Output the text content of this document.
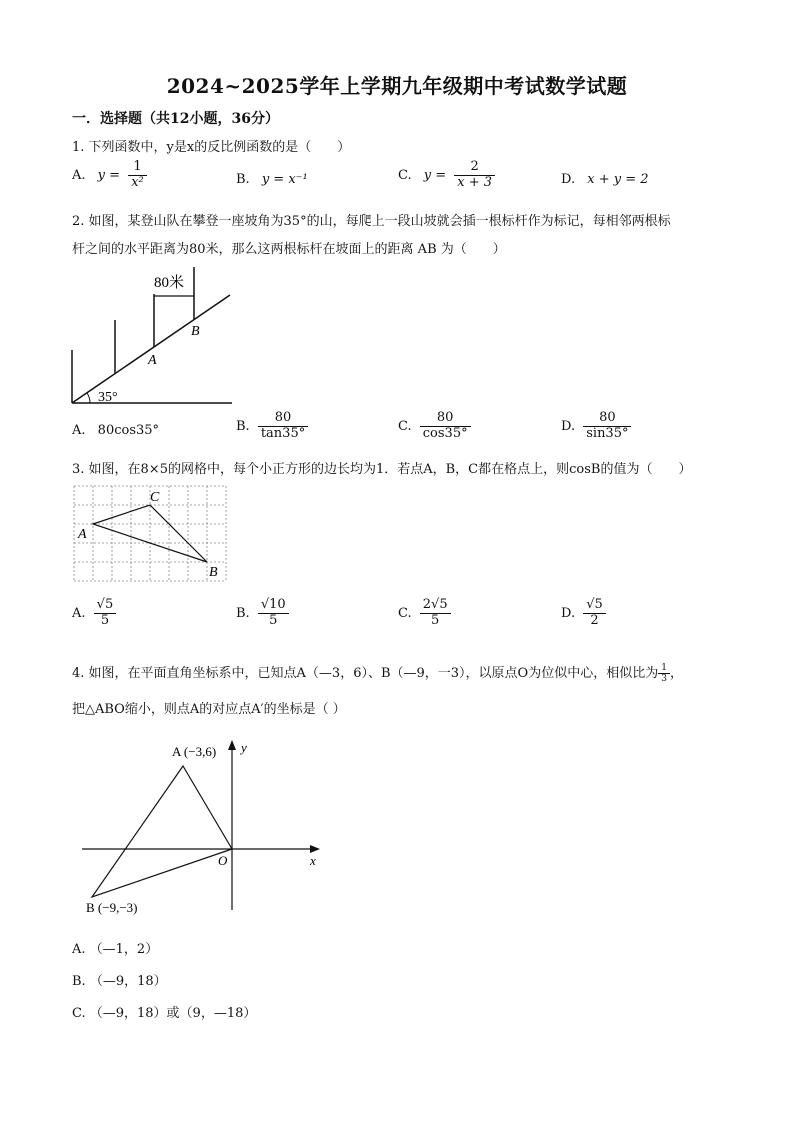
2024~2025学年上学期九年级期中考试数学试题
一．选择题（共12小题，36分）
1. 下列函数中，y是x的反比例函数的是（　　）
A. $y = \frac{1}{\text{x²}}$	B. y = x⁻¹	C. $y = \frac{2}{x + 3}$	D. x + y = 2
2. 如图，某登山队在攀登一座坡角为35°的山，每爬上一段山坡就会插一根标杆作为标记，每相邻两根标
杆之间的水平距离为80米，那么这两根标杆在坡面上的距离 AB 为（　　）
80米
A
B
35°
A. 80cos35°	B. $\frac{80}{\tan 35^\circ}$	C. $\frac{80}{\cos 35^\circ}$	D. $\frac{80}{\sin 35^\circ}$
3. 如图，在8×5的网格中，每个小正方形的边长均为1．若点A，B，C都在格点上，则cosB的值为（　　）
A
C
B
A. $\frac{√5}{5}$	B. $\frac{√10}{5}$	C. $\frac{2√5}{5}$	D. $\frac{√5}{2}$
4. 如图，在平面直角坐标系中，已知点A（—3，6）、B（—9，一3），以原点O为位似中心，相似比为 $\frac{1}{3}$ ，
把△ABO缩小，则点A的对应点A′的坐标是（ ）
A (−3,6)
B (−9,−3)
O	x
y
A. （—1，2）
B. （—9，18）
C. （—9，18）或（9，—18）
